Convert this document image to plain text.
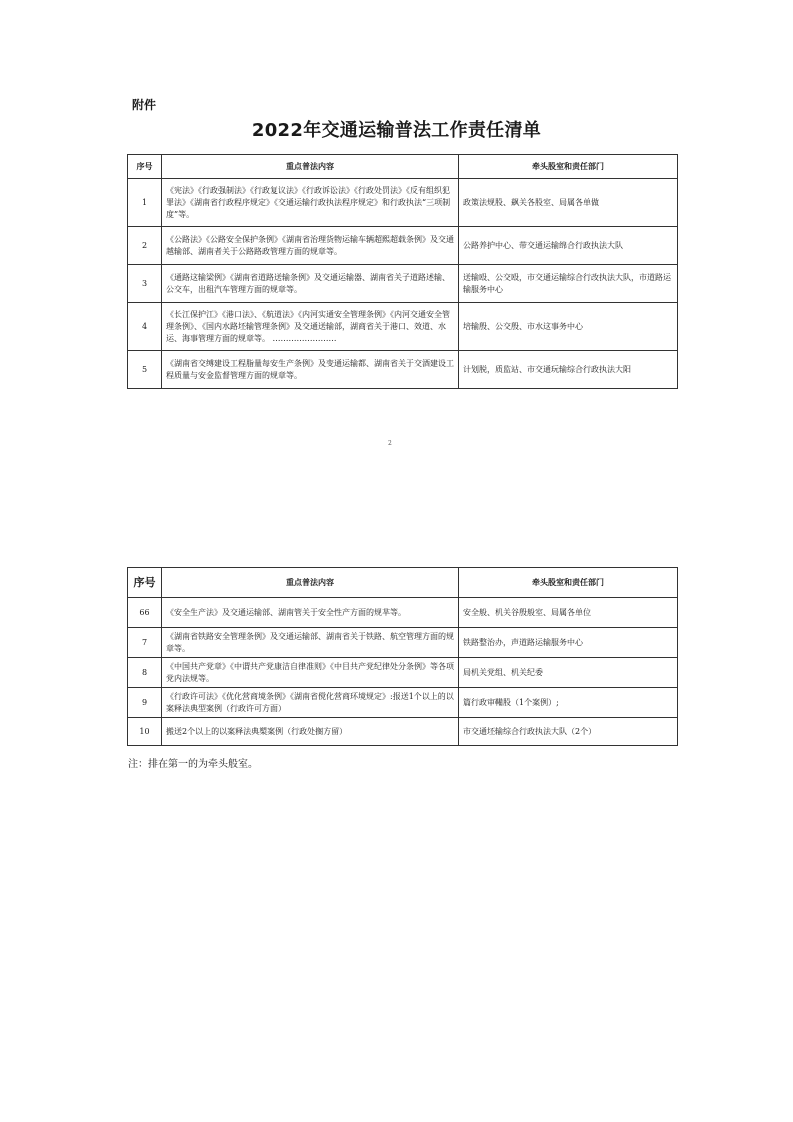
附件
2022年交通运输普法工作责任清单
序号	重点普法内容	牵头股室和责任部门
1	《宪法》《行政强制法》《行政复议法》《行政诉讼法》《行政处罚法》《反有组织犯罪法》《湖南省行政程序规定》《交通运输行政执法程序规定》和行政执法“三项制度”等。	政策法规股、飙关各股室、局属各单做
2	《公路法》《公路安全保护条例》《湖南省治理货物运输车辆超熙超载条例》及交通越输部、湖南者关于公路路政管理方面的规章等。	公路养护中心、带交通运输绵合行政执法大队
3	《通路这输梁例》《湖南省道路送输条例》及交通运输器、湖南省关子道路述输、公交车，出租汽车管理方面的规章等。	送输殴、公交殴，市交通运输综合行改执法大队，市道路运输服务中心
4	《长江保护江》《港口法》、《航道法》《内河实通安全管理条例》《内河交通安全管理条例》、《国内水路坯输管理条例》及交通送输部，湖商省关于港口、效道、水运、海事管理方面的规章等。 ……………………	培输殷、公交殷、市水这事务中心
5	《湖南省交缚建设工程脂量每安生产条例》及变通运输都、湖南省关于交酒建设工程质量与安金监督管理方面的规章等。	计划脱，质监站、市交通玩输综合行政执法大阳
2
序号	重点普法内容	牵头股室和责任部门
66	《安全生产法》及交通运输部、湖南管关于安全性产方面的规芈等。	安全般、机关谷殷般室、局属各单位
7	《湖南省铁路安全管理条例》及交通运输部、湖南省关于铁路、航空管理方面的规章等。	铁路整治办，声道路运输服务中心
8	《中国共产党章》《中谓共产党康洁自律准则》《中目共产党纪律处分条例》等各项党内法规等。	局机关党组、机关纪委
9	《行政许可法》《优化营商境条例》《湖南省傥化营商环境规定》:报送1个以上的以案释法典型案例（行政许可方面）	篇行政审鞴股（1个案例）;
10	搬送2个以上的以案释法典槊案例（行政处搁方留）	市交通坯输综合行政执法大队（2个）
注：排在第一的为牵头般室。
